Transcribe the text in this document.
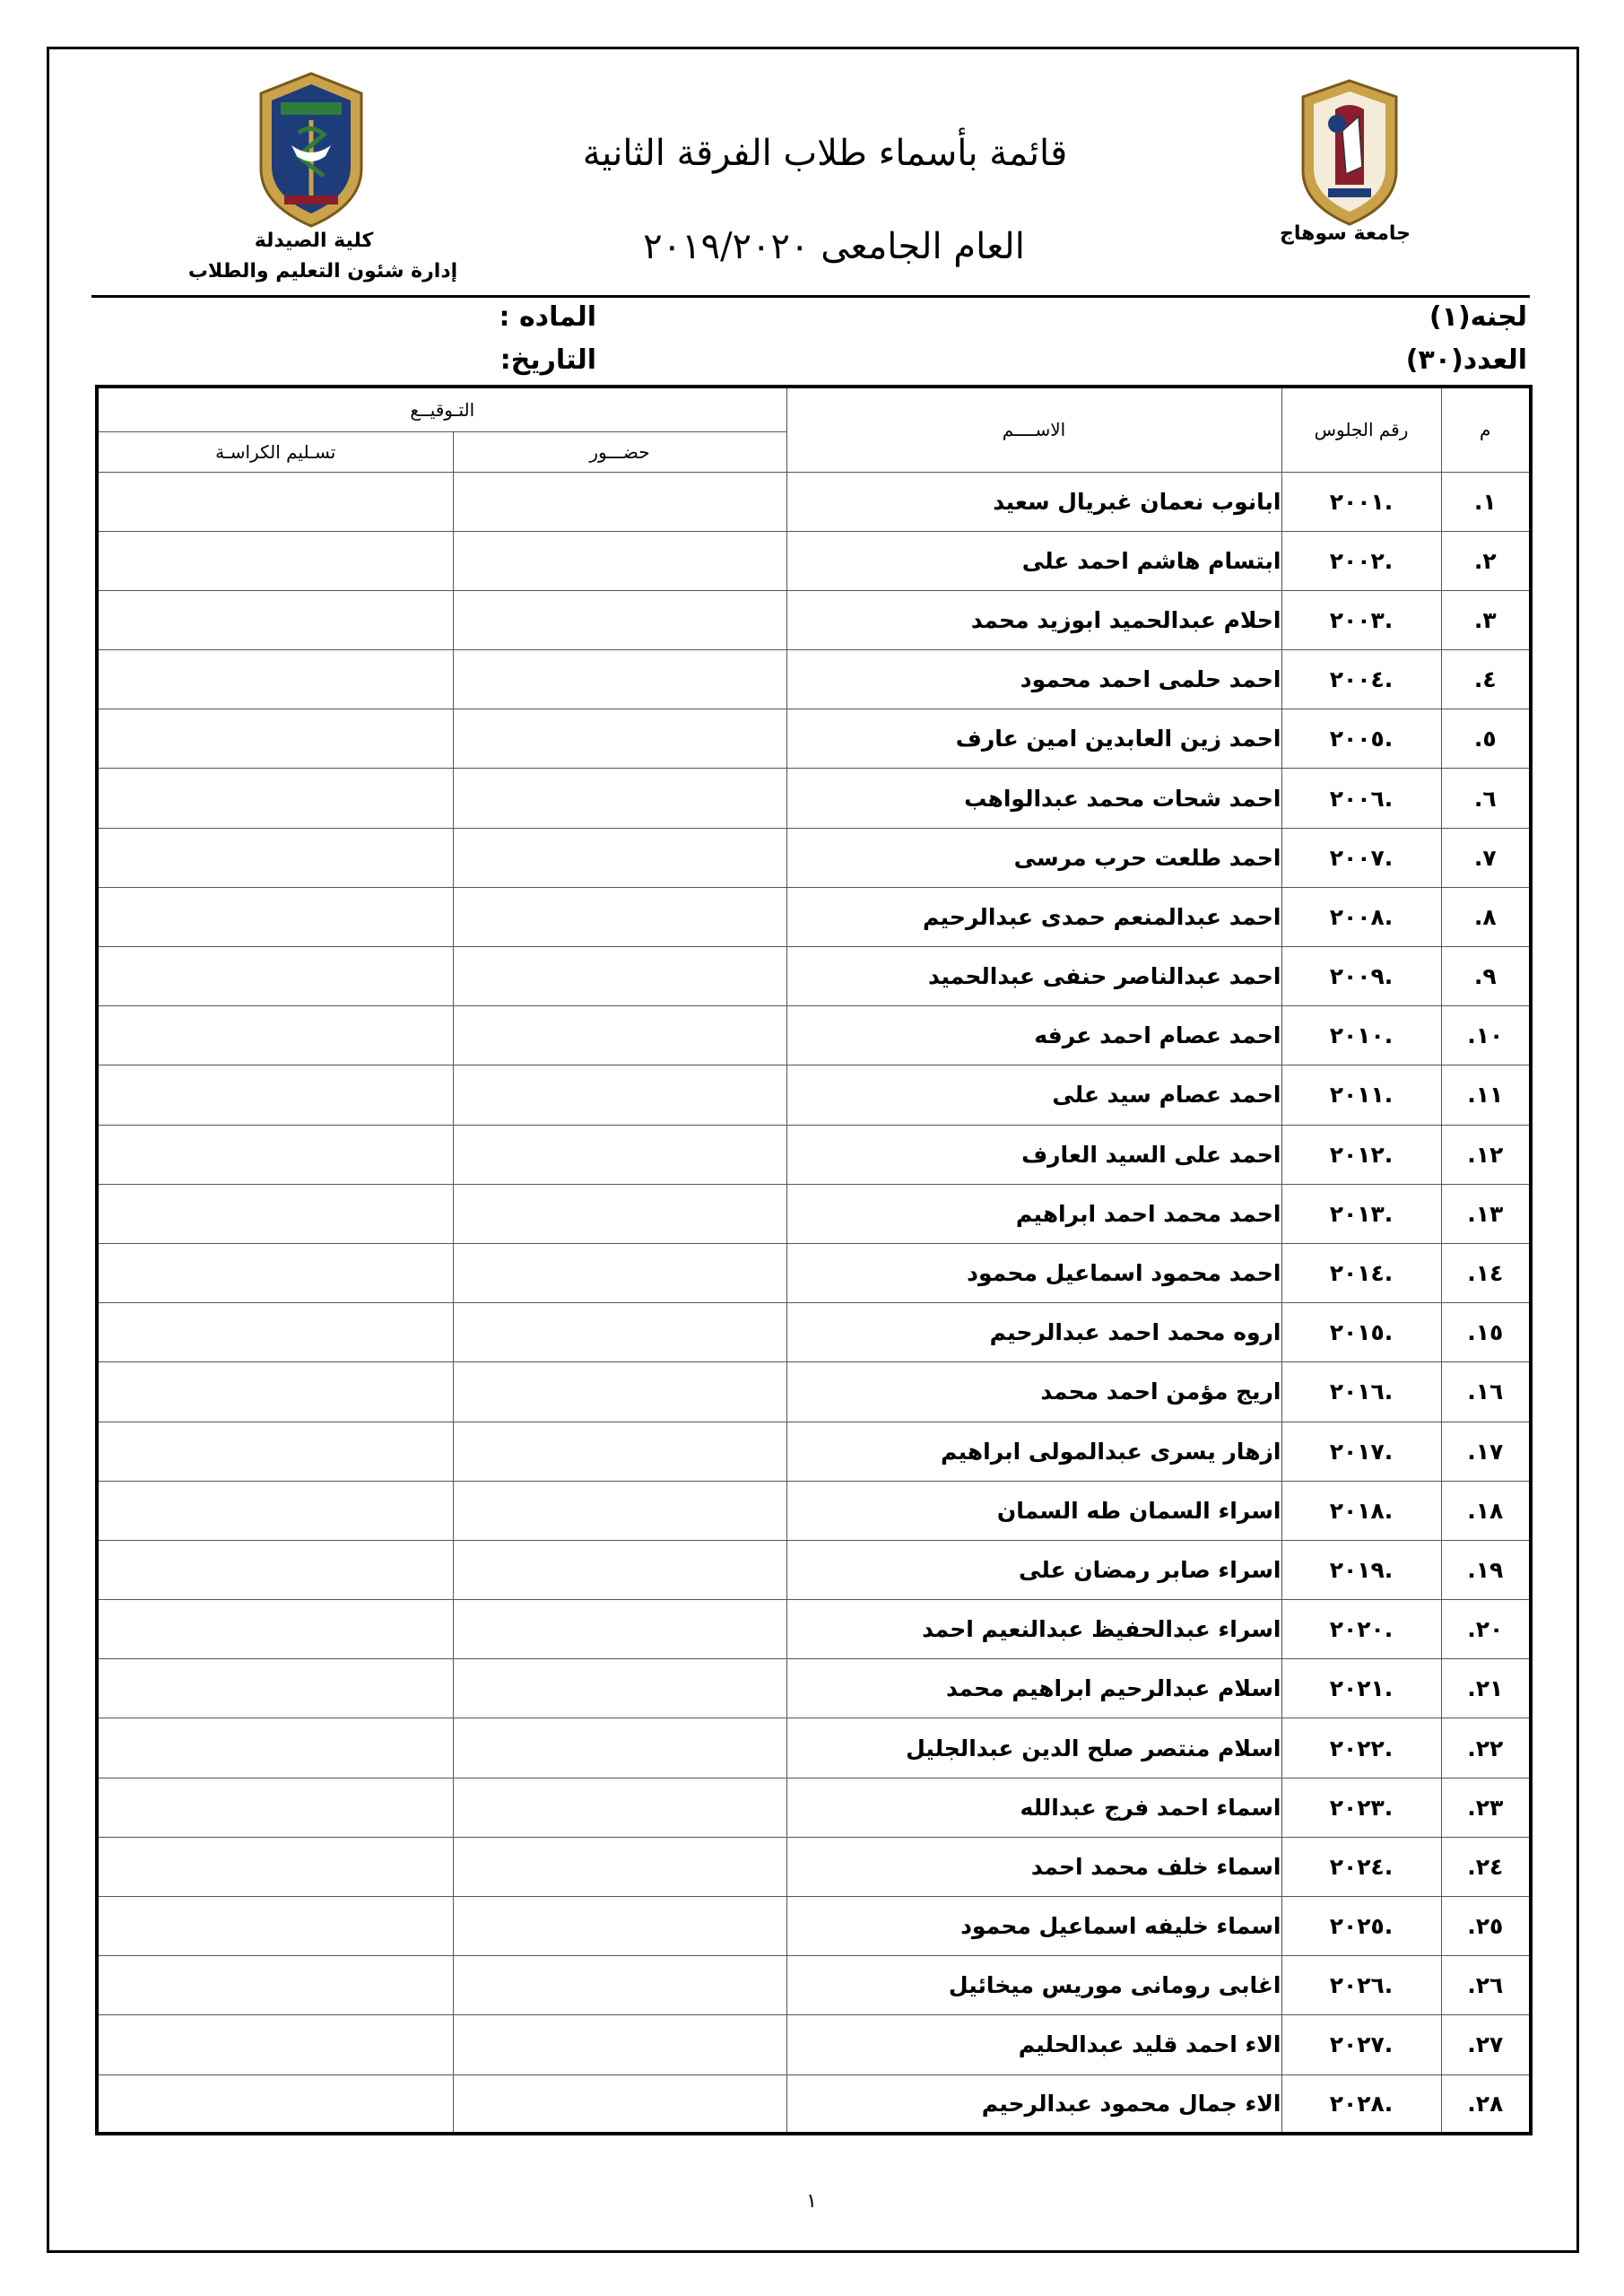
كلية الصيدلة
إدارة شئون التعليم والطلاب
جامعة سوهاج
قائمة بأسماء طلاب الفرقة الثانية
العام الجامعى ٢٠١٩/٢٠٢٠
لجنه(١)
العدد(٣٠)
الماده :
التاريخ:
م	رقم الجلوس	الاســــم	التـوقيــع	
			حضـــور	تسـليم الكراسـة
١.	٢٠٠١.	ابانوب نعمان غبريال سعيد		
٢.	٢٠٠٢.	ابتسام هاشم احمد على		
٣.	٢٠٠٣.	احلام عبدالحميد ابوزيد محمد		
٤.	٢٠٠٤.	احمد حلمى احمد محمود		
٥.	٢٠٠٥.	احمد زين العابدين امين عارف		
٦.	٢٠٠٦.	احمد شحات محمد عبدالواهب		
٧.	٢٠٠٧.	احمد طلعت حرب مرسى		
٨.	٢٠٠٨.	احمد عبدالمنعم حمدى عبدالرحيم		
٩.	٢٠٠٩.	احمد عبدالناصر حنفى عبدالحميد		
١٠.	٢٠١٠.	احمد عصام احمد عرفه		
١١.	٢٠١١.	احمد عصام سيد على		
١٢.	٢٠١٢.	احمد على السيد العارف		
١٣.	٢٠١٣.	احمد محمد احمد ابراهيم		
١٤.	٢٠١٤.	احمد محمود اسماعيل محمود		
١٥.	٢٠١٥.	اروه محمد احمد عبدالرحيم		
١٦.	٢٠١٦.	اريج مؤمن احمد محمد		
١٧.	٢٠١٧.	ازهار يسرى عبدالمولى ابراهيم		
١٨.	٢٠١٨.	اسراء السمان طه السمان		
١٩.	٢٠١٩.	اسراء صابر رمضان على		
٢٠.	٢٠٢٠.	اسراء عبدالحفيظ عبدالنعيم احمد		
٢١.	٢٠٢١.	اسلام عبدالرحيم ابراهيم محمد		
٢٢.	٢٠٢٢.	اسلام منتصر صلح الدين عبدالجليل		
٢٣.	٢٠٢٣.	اسماء احمد فرج عبدالله		
٢٤.	٢٠٢٤.	اسماء خلف محمد احمد		
٢٥.	٢٠٢٥.	اسماء خليفه اسماعيل محمود		
٢٦.	٢٠٢٦.	اغابى رومانى موريس ميخائيل		
٢٧.	٢٠٢٧.	الاء احمد قليد عبدالحليم		
٢٨.	٢٠٢٨.	الاء جمال محمود عبدالرحيم		
١
